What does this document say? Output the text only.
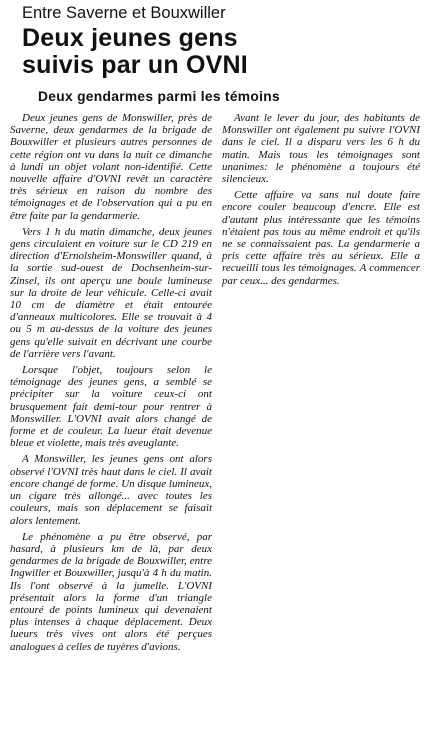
Entre Saverne et Bouxwiller
Deux jeunes gens
suivis par un OVNI
Deux gendarmes parmi les témoins

Deux jeunes gens de Monswiller, près de Saverne, deux gendarmes de la brigade de Bouxwiller et plusieurs autres personnes de cette région ont vu dans la nuit ce dimanche à lundi un objet volant non-identifié. Cette nouvelle affaire d'OVNI revêt un caractère très sérieux en raison du nombre des témoignages et de l'observation qui a pu en être faite par la gendarmerie.

Vers 1 h du matin dimanche, deux jeunes gens circulaient en voiture sur le CD 219 en direction d'Ernolsheim-Monswiller quand, à la sortie sud-ouest de Dochsenheim-sur-Zinsel, ils ont aperçu une boule lumineuse sur la droite de leur véhicule. Celle-ci avait 10 cm de diamètre et était entourée d'anneaux multicolores. Elle se trouvait à 4 ou 5 m au-dessus de la voiture des jeunes gens qu'elle suivait en décrivant une courbe de l'arrière vers l'avant.

Lorsque l'objet, toujours selon le témoignage des jeunes gens, a semblé se précipiter sur la voiture ceux-ci ont brusquement fait demi-tour pour rentrer à Monswiller. L'OVNI avait alors changé de forme et de couleur. La lueur était devenue bleue et violette, mais très aveuglante.

A Monswiller, les jeunes gens ont alors observé l'OVNI très haut dans le ciel. Il avait encore changé de forme. Un disque lumineux, un cigare très allongé... avec toutes les couleurs, mais son déplacement se faisait alors lentement.

Le phénomène a pu être observé, par hasard, à plusieurs km de là, par deux gendarmes de la brigade de Bouxwiller, entre Ingwiller et Bouxwiller, jusqu'à 4 h du matin. Ils l'ont observé à la jumelle. L'OVNI présentait alors la forme d'un triangle entouré de points lumineux qui devenaient plus intenses à chaque déplacement. Deux lueurs très vives ont alors été perçues analogues à celles de tuyères d'avions.

Avant le lever du jour, des habitants de Monswiller ont également pu suivre l'OVNI dans le ciel. Il a disparu vers les 6 h du matin. Mais tous les témoignages sont unanimes: le phénomène a toujours été silencieux.

Cette affaire va sans nul doute faire encore couler beaucoup d'encre. Elle est d'autant plus intéressante que les témoins n'étaient pas tous au même endroit et qu'ils ne se connaissaient pas. La gendarmerie a pris cette affaire très au sérieux. Elle a recueilli tous les témoignages. A commencer par ceux... des gendarmes.
